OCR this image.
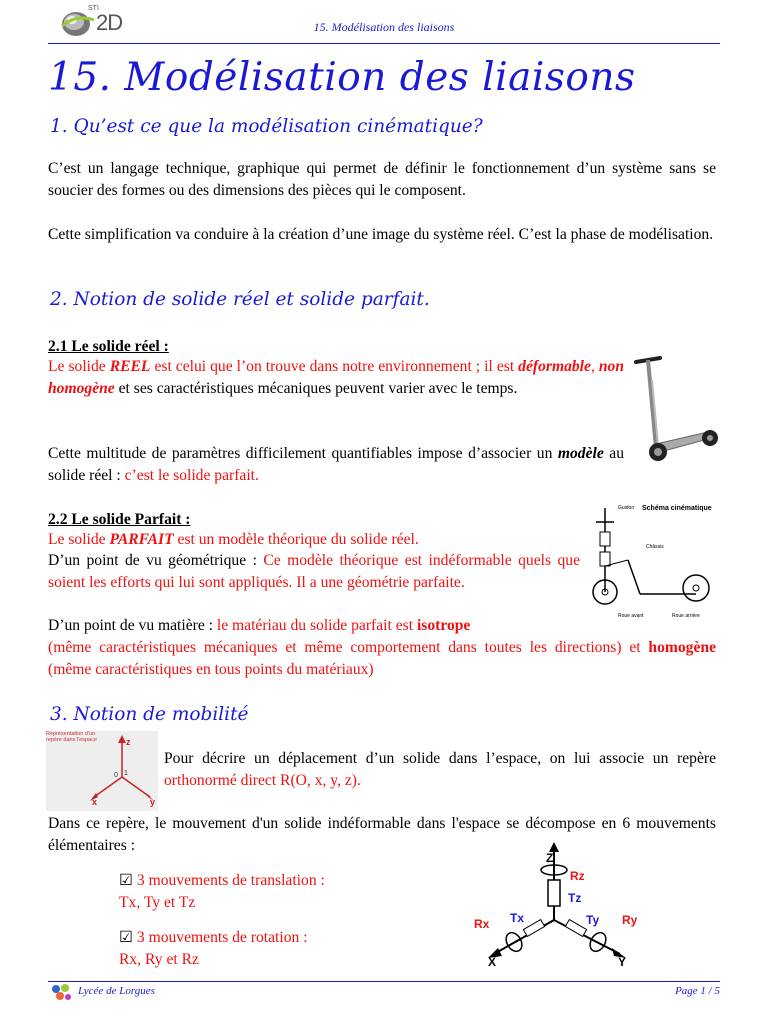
STI
2D	15. Modélisation des liaisons
15. Modélisation des liaisons
1. Qu’est ce que la modélisation cinématique?
C’est un langage technique, graphique qui permet de définir le fonctionnement d’un système sans se soucier des formes ou des dimensions des pièces qui le composent.
Cette simplification va conduire à la création d’une image du système réel. C’est la phase de modélisation.
2. Notion de solide réel et solide parfait.
2.1 Le solide réel :
Le solide REEL est celui que l’on trouve dans notre environnement ; il est déformable, non homogène et ses caractéristiques mécaniques peuvent varier avec le temps.
Cette multitude de paramètres difficilement quantifiables impose d’associer un modèle au solide réel : c’est le solide parfait.
2.2 Le solide Parfait :
Le solide PARFAIT est un modèle théorique du solide réel.
D’un point de vu géométrique : Ce modèle théorique est indéformable quels que soient les efforts qui lui sont appliqués. Il a une géométrie parfaite.
D’un point de vu matière : le matériau du solide parfait est isotrope
(même caractéristiques mécaniques et même comportement dans toutes les directions) et homogène (même caractéristiques en tous points du matériaux)
Schéma cinématique
Guidon
Châssis
Roue avant	Roue arrière
3. Notion de mobilité
Représentation d'un repère dans l'espace	z
x	y
0 1
Pour décrire un déplacement d’un solide dans l’espace, on lui associe un repère orthonormé direct R(O, x, y, z).
Dans ce repère, le mouvement d'un solide indéformable dans l'espace se décompose en 6 mouvements élémentaires :
☑ 3 mouvements de translation :
Tx, Ty et Tz
☑ 3 mouvements de rotation :
Rx, Ry et Rz
Z
Rz
Tz
Rx Tx	Ty Ry
X	Y
Lycée de Lorgues	Page 1 / 5
